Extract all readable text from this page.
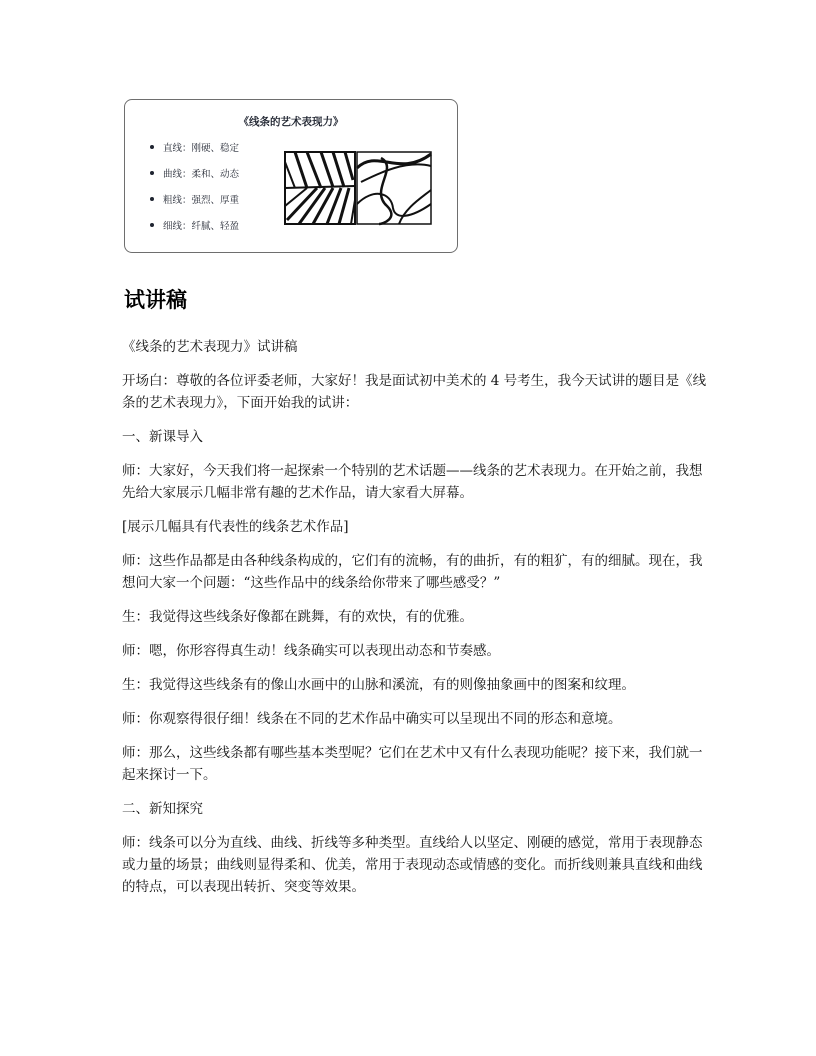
《线条的艺术表现力》
直线：刚硬、稳定
曲线：柔和、动态
粗线：强烈、厚重
细线：纤腻、轻盈
试讲稿

《线条的艺术表现力》试讲稿

开场白：尊敬的各位评委老师，大家好！我是面试初中美术的 4 号考生，我今天试讲的题目是《线条的艺术表现力》，下面开始我的试讲：

一、新课导入

师：大家好，今天我们将一起探索一个特别的艺术话题——线条的艺术表现力。在开始之前，我想先给大家展示几幅非常有趣的艺术作品，请大家看大屏幕。

[展示几幅具有代表性的线条艺术作品]

师：这些作品都是由各种线条构成的，它们有的流畅，有的曲折，有的粗犷，有的细腻。现在，我想问大家一个问题：“这些作品中的线条给你带来了哪些感受？”

生：我觉得这些线条好像都在跳舞，有的欢快，有的优雅。

师：嗯，你形容得真生动！线条确实可以表现出动态和节奏感。

生：我觉得这些线条有的像山水画中的山脉和溪流，有的则像抽象画中的图案和纹理。

师：你观察得很仔细！线条在不同的艺术作品中确实可以呈现出不同的形态和意境。

师：那么，这些线条都有哪些基本类型呢？它们在艺术中又有什么表现功能呢？接下来，我们就一起来探讨一下。

二、新知探究

师：线条可以分为直线、曲线、折线等多种类型。直线给人以坚定、刚硬的感觉，常用于表现静态或力量的场景；曲线则显得柔和、优美，常用于表现动态或情感的变化。而折线则兼具直线和曲线的特点，可以表现出转折、突变等效果。
